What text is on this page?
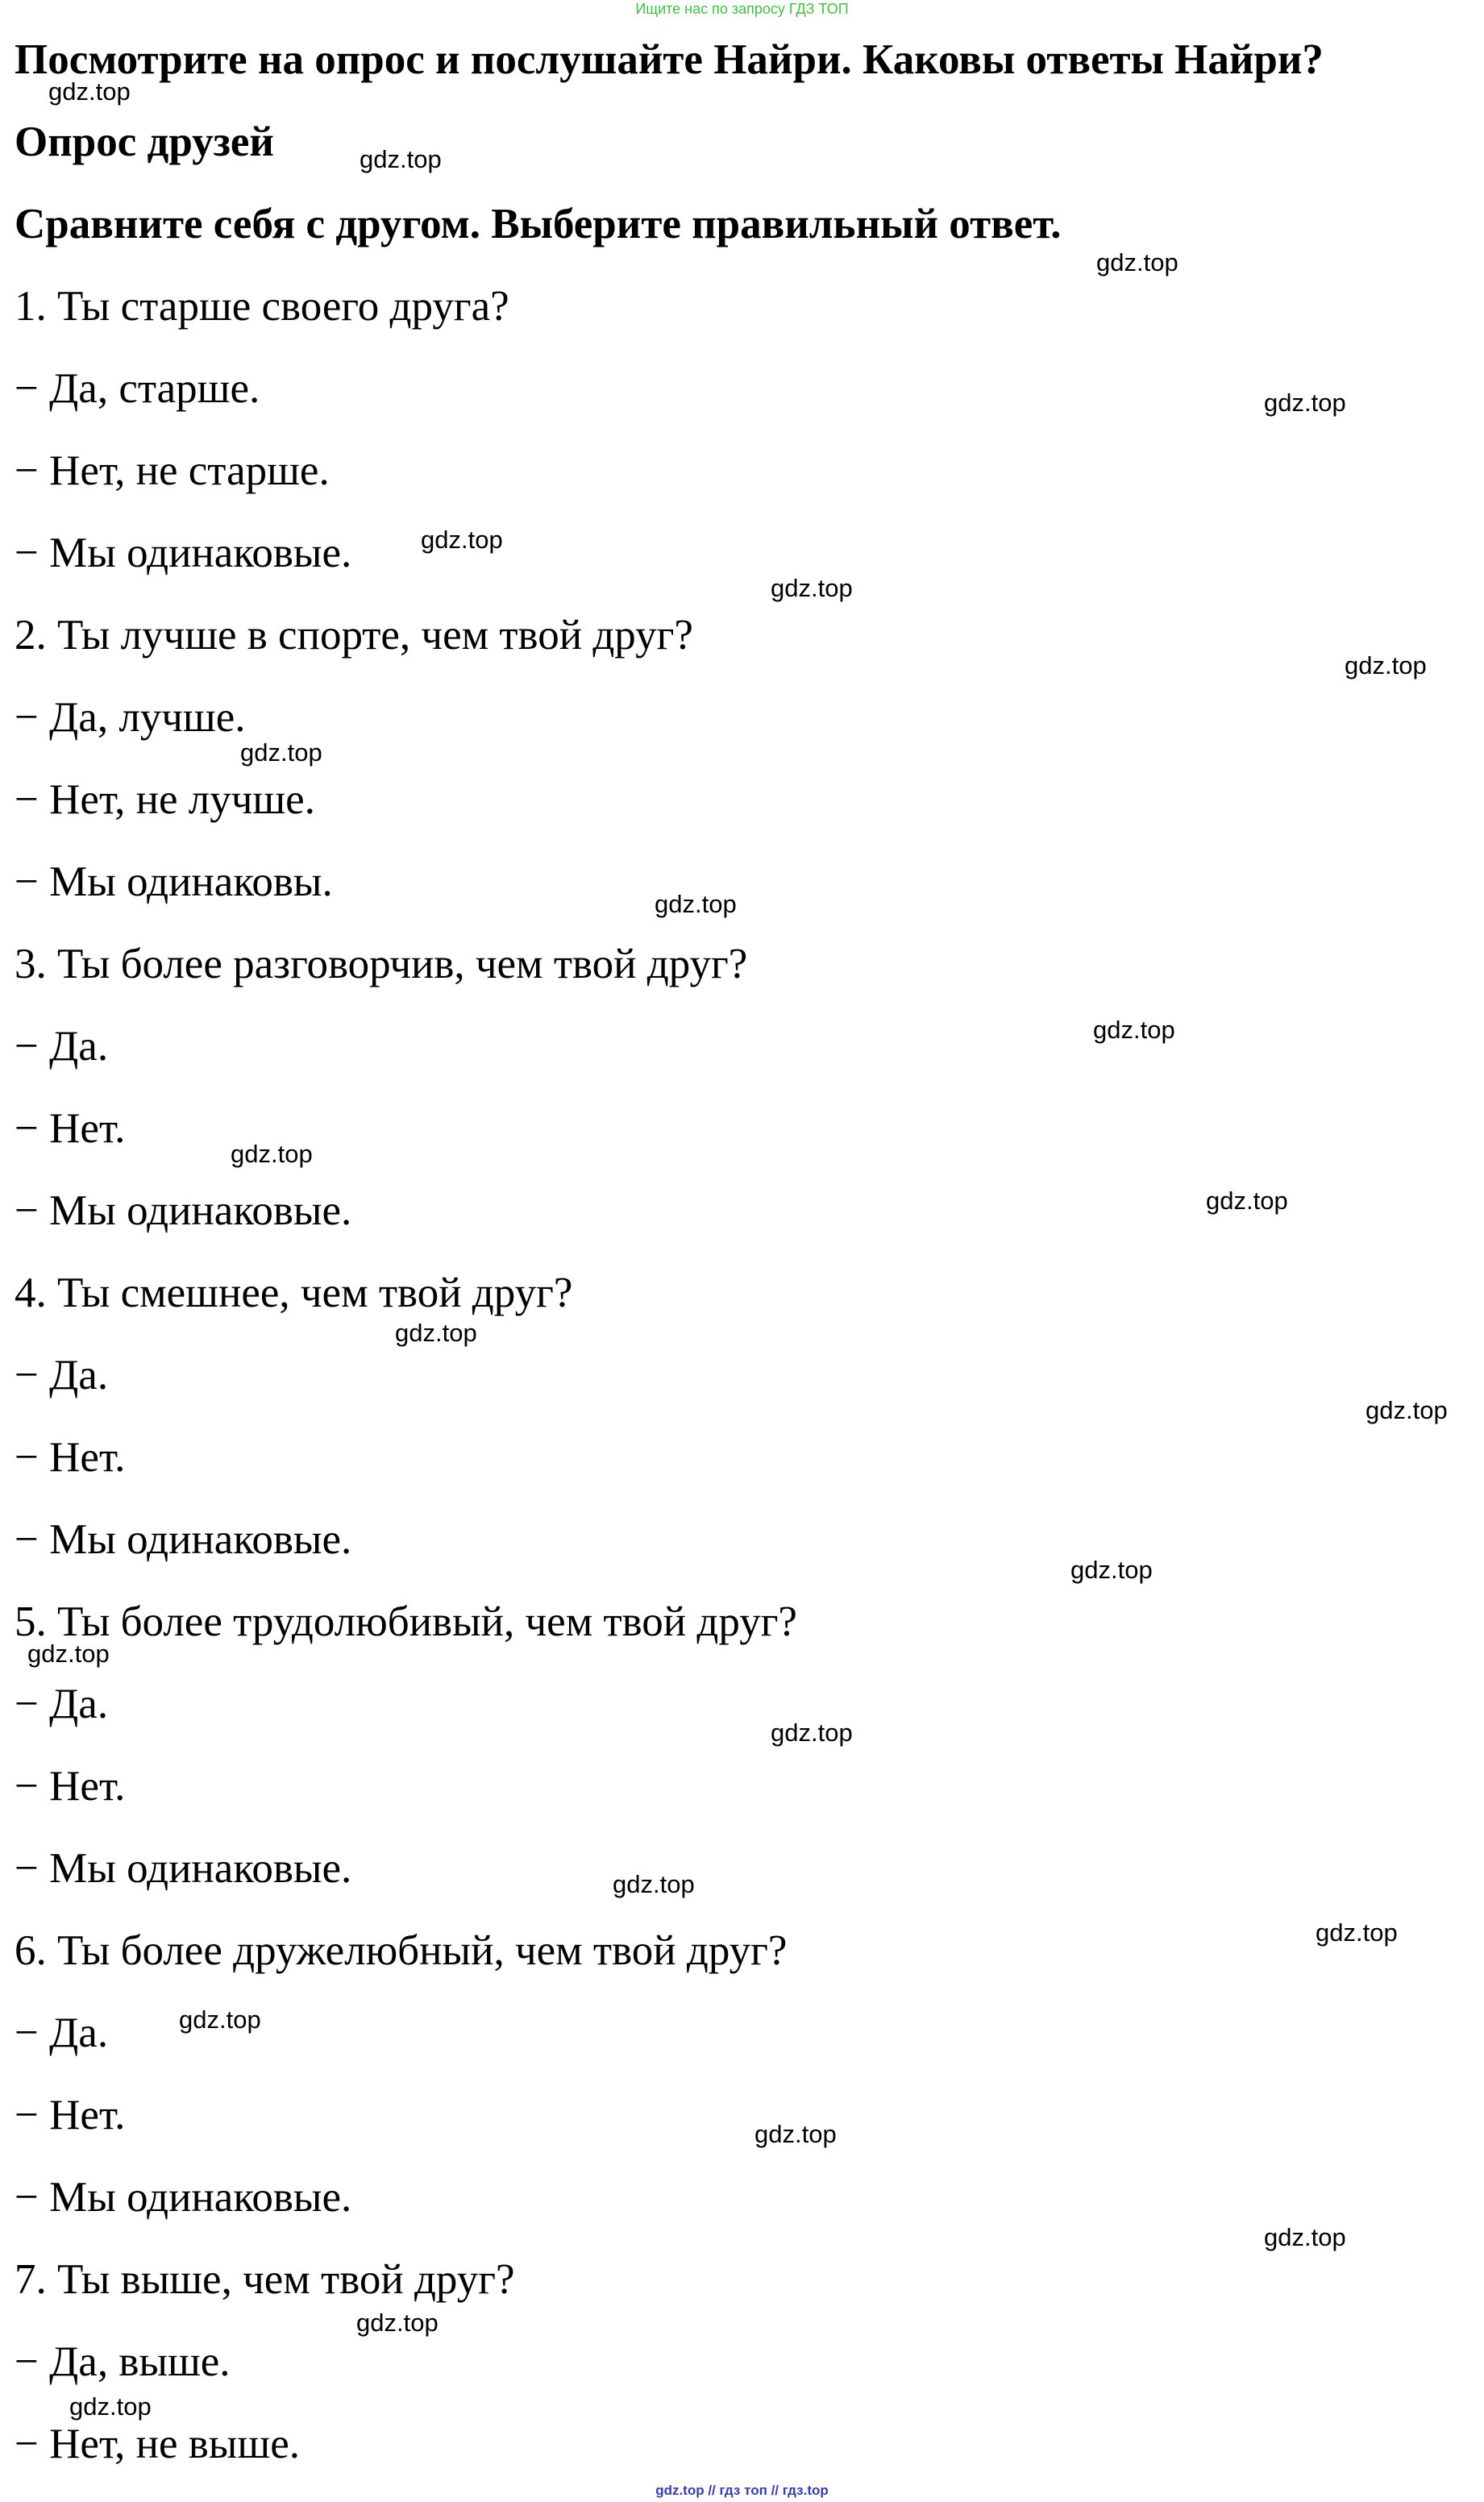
Ищите нас по запросу ГДЗ ТОП
Посмотрите на опрос и послушайте Найри. Каковы ответы Найри?
Опрос друзей
Сравните себя с другом. Выберите правильный ответ.
1. Ты старше своего друга?
− Да, старше.
− Нет, не старше.
− Мы одинаковые.
2. Ты лучше в спорте, чем твой друг?
− Да, лучше.
− Нет, не лучше.
− Мы одинаковы.
3. Ты более разговорчив, чем твой друг?
− Да.
− Нет.
− Мы одинаковые.
4. Ты смешнее, чем твой друг?
− Да.
− Нет.
− Мы одинаковые.
5. Ты более трудолюбивый, чем твой друг?
− Да.
− Нет.
− Мы одинаковые.
6. Ты более дружелюбный, чем твой друг?
− Да.
− Нет.
− Мы одинаковые.
7. Ты выше, чем твой друг?
− Да, выше.
− Нет, не выше.
gdz.top
gdz.top
gdz.top
gdz.top
gdz.top
gdz.top
gdz.top
gdz.top
gdz.top
gdz.top
gdz.top
gdz.top
gdz.top
gdz.top
gdz.top
gdz.top
gdz.top
gdz.top
gdz.top
gdz.top
gdz.top
gdz.top
gdz.top
gdz.top
gdz.top // гдз топ // гдз.top
